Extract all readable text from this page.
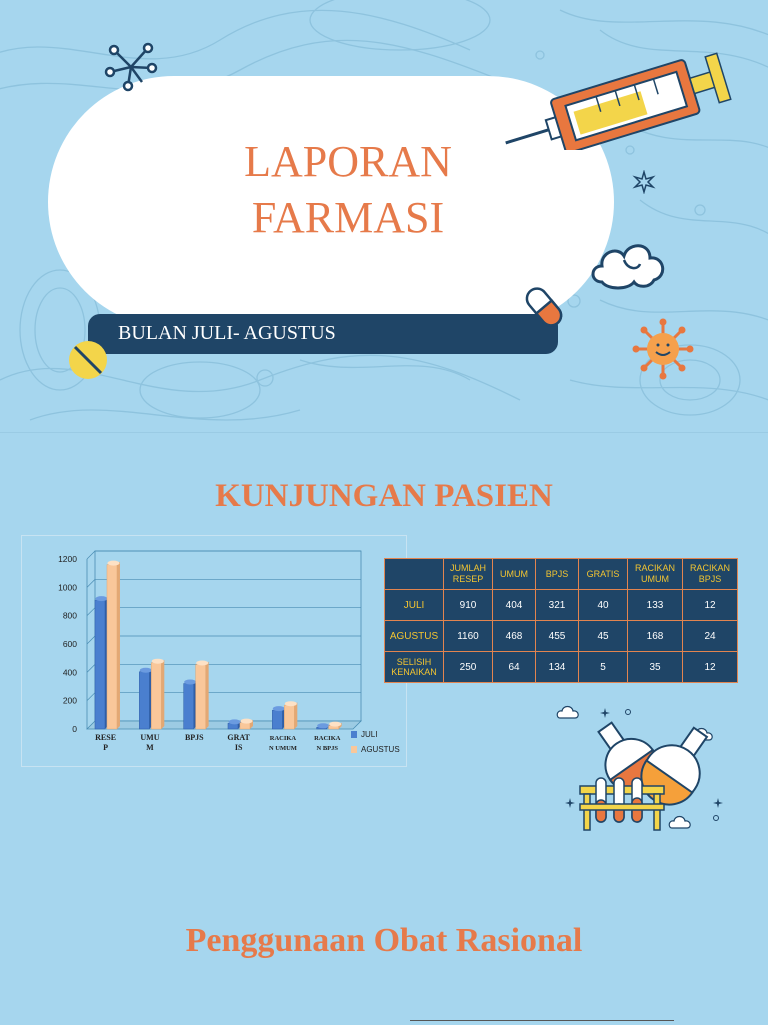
LAPORAN
FARMASI
BULAN JULI- AGUSTUS
KUNJUNGAN PASIEN
0
200
400
600
800
1000
1200
RESE
P
UMU
M
BPJS	GRAT
IS
RACIKA
N UMUM
RACIKA
N BPJS
JULI
AGUSTUS
	JUMLAH RESEP	UMUM	BPJS	GRATIS	RACIKAN UMUM	RACIKAN BPJS
JULI	910	404	321	40	133	12
AGUSTUS	1160	468	455	45	168	24
SELISIH KENAIKAN	250	64	134	5	35	12
Penggunaan Obat Rasional
